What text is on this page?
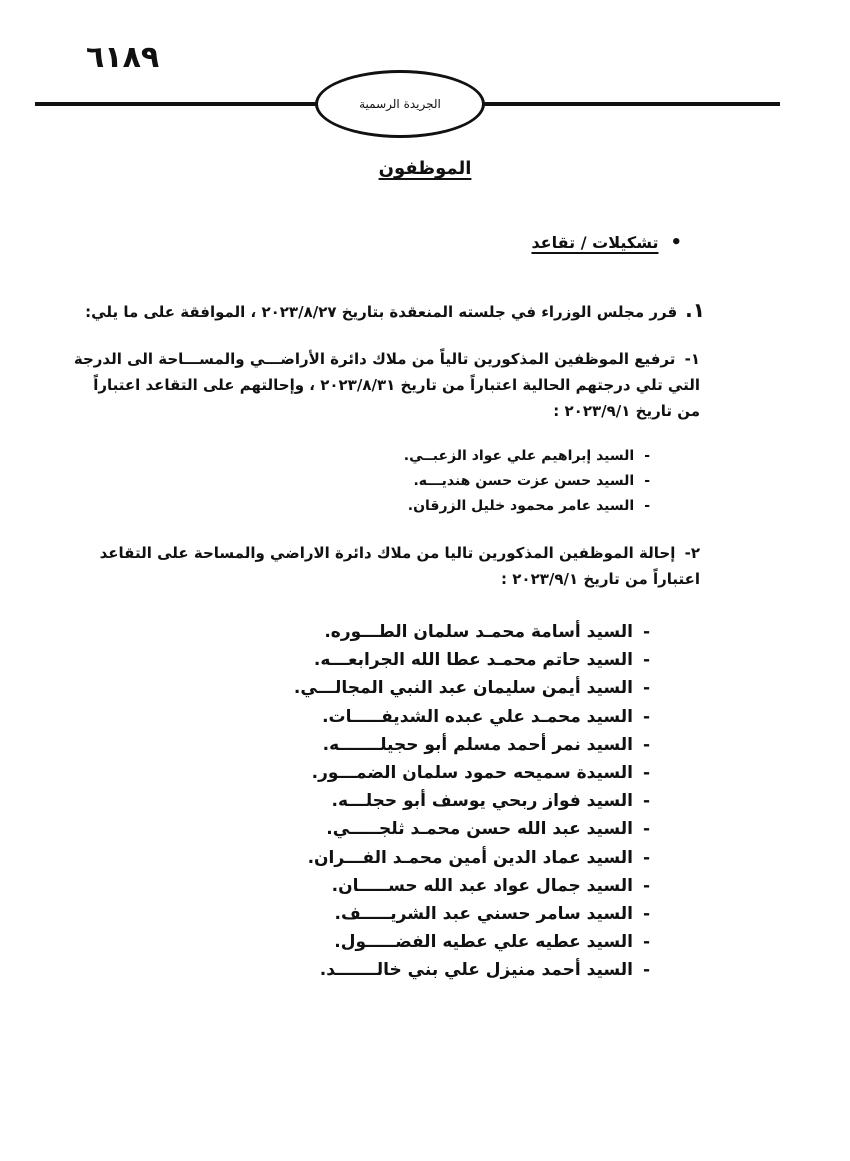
٦١٨٩
الجريدة الرسمية
الموظفون
•
تشكيلات / تقاعد
١.قرر مجلس الوزراء في جلسته المنعقدة بتاريخ ٢٠٢٣/٨/٢٧ ، الموافقة على ما يلي:
١- ترفيع الموظفين المذكورين تالياً من ملاك دائرة الأراضـــي والمســـاحة الى الدرجة التي تلي درجتهم الحالية اعتباراً من تاريخ ٢٠٢٣/٨/٣١ ، وإحالتهم على التقاعد اعتباراً من تاريخ ٢٠٢٣/٩/١ :
-السيد إبراهيم علي عواد الزعبــي.
-السيد حسن عزت حسن هنديـــه.
-السيد عامر محمود خليل الزرقان.
٢- إحالة الموظفين المذكورين تاليا من ملاك دائرة الاراضي والمساحة على التقاعد اعتباراً من تاريخ ٢٠٢٣/٩/١ :
-السيد أسامة محمـد سلمان الطـــوره.
-السيد حاتم محمـد عطا الله الجرابعـــه.
-السيد أيمن سليمان عبد النبي المجالـــي.
-السيد محمـد علي عبده الشديفـــــات.
-السيد نمر أحمد مسلم أبو حجيلـــــــه.
-السيدة سميحه حمود سلمان الضمـــور.
-السيد فواز ربحي يوسف أبو حجلـــه.
-السيد عبد الله حسن محمـد ثلجـــــي.
-السيد عماد الدين أمين محمـد الفـــران.
-السيد جمال عواد عبد الله حســـــان.
-السيد سامر حسني عبد الشريـــــف.
-السيد عطيه علي عطيه الفضـــــول.
-السيد أحمد منيزل علي بني خالـــــــد.
